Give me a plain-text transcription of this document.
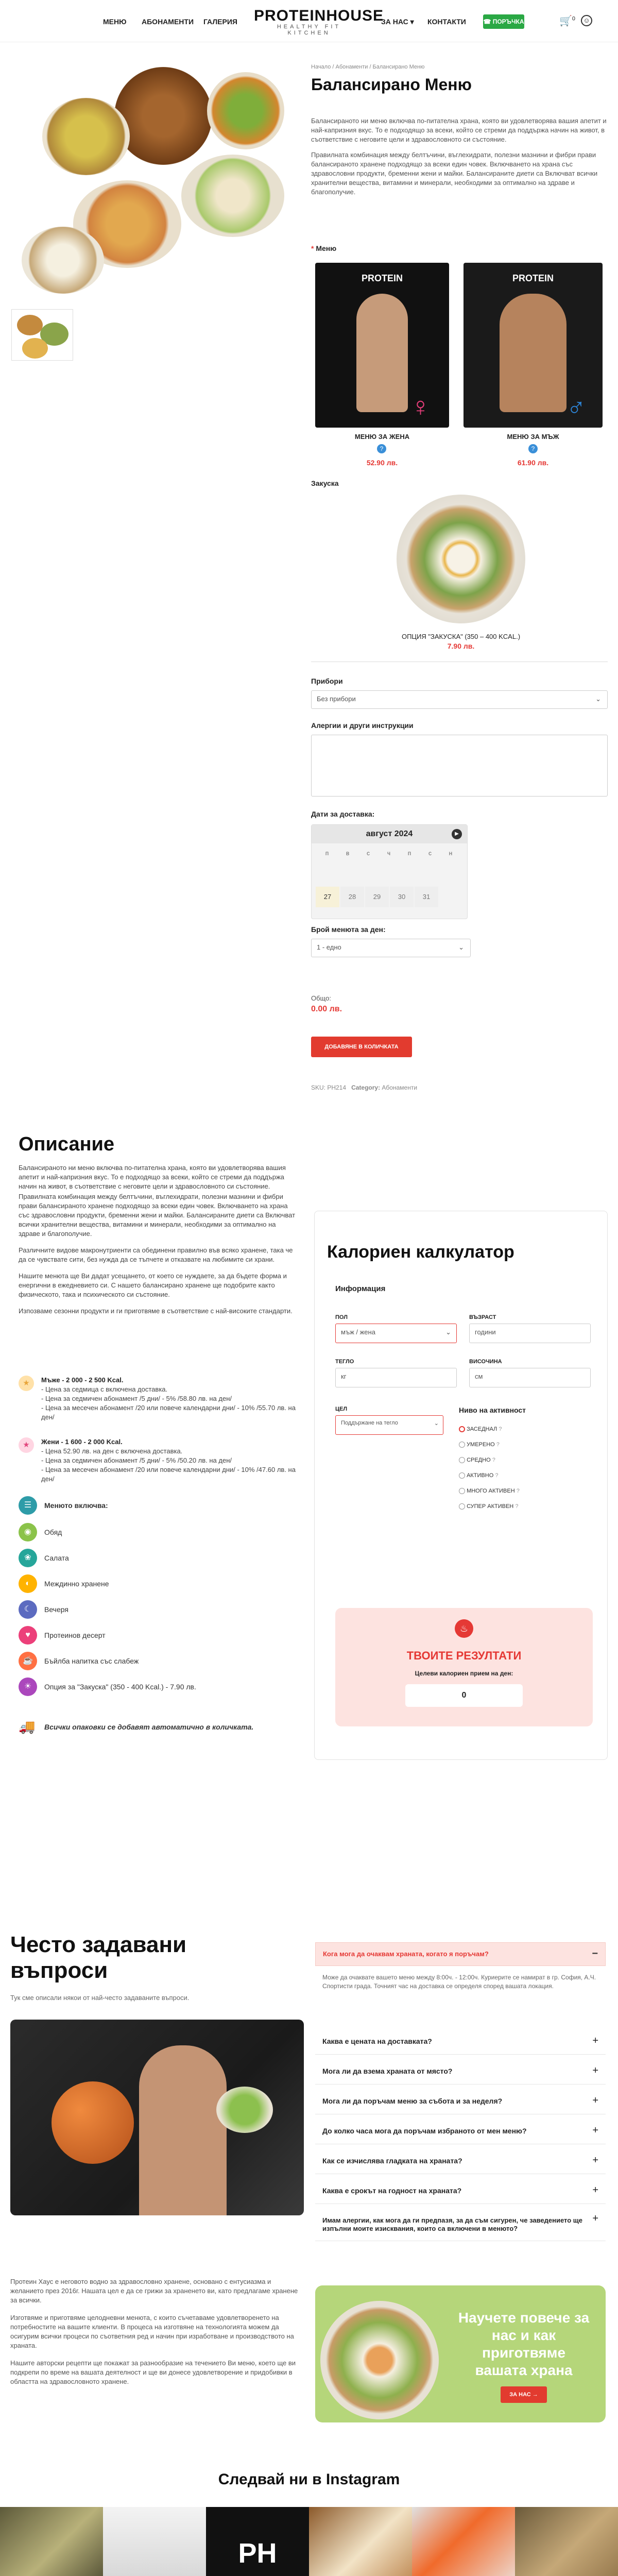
МЕНЮ АБОНАМЕНТИ ГАЛЕРИЯ PROTEINHOUSE
HEALTHY FIT KITCHEN
ЗА НАС ▾ КОНТАКТИ	☎ ПОРЪЧКА	🛒$^0$	☺
Начало / Абонаменти / Балансирано Меню
Балансирано Меню

Балансираното ни меню включва по-питателна храна, която ви удовлетворява вашия апетит и най-капризния вкус. То е подходящо за всеки, който се стреми да поддържа начин на живот, в съответствие с неговите цели и здравословното си състояние.

Правилната комбинация между белтъчини, въглехидрати, полезни мазнини и фибри прави балансираното хранене подходящо за всеки един човек. Включването на храна със здравословни продукти, бременни жени и майки. Балансираните диети са Включват всички хранителни вещества, витамини и минерали, необходими за оптимално на здраве и благополучие.

* Меню
PROTEIN
♀
МЕНЮ ЗА ЖЕНА
?
52.90 лв.
PROTEIN
♂
МЕНЮ ЗА МЪЖ
?
61.90 лв.
Закуска
ОПЦИЯ "ЗАКУСКА" (350 – 400 KCAL.)
7.90 лв.
Прибори
Без прибори	⌄
Алергии и други инструкции
Дати за доставка:
август 2024	▶
п	в	с	ч	п	с	н
27	28	29	30	31
Брой менюта за ден:
1 - едно	⌄
Общо:
0.00 лв.
ДОБАВЯНЕ В КОЛИЧКАТА
SKU: PH214 Category: Абонаменти
Описание

Балансираното ни меню включва по-питателна храна, която ви удовлетворява вашия апетит и най-капризния вкус. То е подходящо за всеки, който се стреми да поддържа начин на живот, в съответствие с неговите цели и здравословното си състояние.

Правилната комбинация между белтъчини, въглехидрати, полезни мазнини и фибри прави балансираното хранене подходящо за всеки един човек. Включването на храна със здравословни продукти, бременни жени и майки. Балансираните диети са Включват всички хранителни вещества, витамини и минерали, необходими за оптимално на здраве и благополучие.

Различните видове макронутриенти са обединени правилно във всяко хранене, така че да се чувствате сити, без нужда да се тъпчете и отказвате на любимите си храни.

Нашите менюта ще Ви дадат усещането, от което се нуждаете, за да бъдете форма и енергични в ежедневието си. С нашето балансирано хранене ще подобрите както физическото, така и психическото си състояние.

Изпозваме сезонни продукти и ги приготвяме в съответствие с най-високите стандарти.

★	Мъже - 2 000 - 2 500 Kcal.
- Цена за седмица с включена доставка.
- Цена за седмичен абонамент /5 дни/ - 5% /58.80 лв. на ден/
- Цена за месечен абонамент /20 или повече календарни дни/ - 10% /55.70 лв. на ден/
★	Жени - 1 600 - 2 000 Kcal.
- Цена 52.90 лв. на ден с включена доставка.
- Цена за седмичен абонамент /5 дни/ - 5% /50.20 лв. на ден/
- Цена за месечен абонамент /20 или повече календарни дни/ - 10% /47.60 лв. на ден/
☰	Менюто включва:
◉	Обяд
❀	Салата
◐	Междинно хранене
☾	Вечеря
♥	Протеинов десерт
☕	Бъйлба напитка със слабеж
☀	Опция за "Закуска" (350 - 400 Kcal.) - 7.90 лв.
🚚 Всички опаковки се добавят автоматично в количката.
Калориен калкулатор
Информация
ПОЛ
мъж / жена	⌄
ВЪЗРАСТ
години
ТЕГЛО
кг
ВИСОЧИНА
см
ЦЕЛ
Поддържане на тегло	⌄
Ниво на активност
ЗАСЕДНАЛ ?
УМЕРЕНО ?
СРЕДНО ?
АКТИВНО ?
МНОГО АКТИВЕН ?
СУПЕР АКТИВЕН ?
♨
ТВОИТЕ РЕЗУЛТАТИ
Целеви калориен прием на ден:
0
Често задавани въпроси
Тук сме описали някои от най-често задаваните въпроси.

Протеин Хаус е неговото водно за здравословно хранене, основано с ентусиазма и желанието през 2016г. Нашата цел е да се грижи за храненето ви, като предлагаме хранене за всички.

Изготвяме и приготвяме целодневни менюта, с които съчетаваме удовлетворенето на потребностите на вашите клиенти. В процеса на изготвяне на технологията можем да осигурим всички процеси по съответния ред и начин при изработване и производството на храната.

Нашите авторски рецепти ще покажат за разнообразие на течението Ви меню, което ще ви подкрепи по време на вашата деятелност и ще ви донесе удовлетворение и придобивки в областта на здравословното хранене.

Кога мога да очаквам храната, когато я поръчам?	−
Може да очаквате вашето меню между 8:00ч. - 12:00ч. Куриерите се намират в гр. София, А.Ч. Спортисти града. Точният час на доставка се определя според вашата локация.
Каква е цената на доставката?	+
Мога ли да взема храната от място?	+
Мога ли да поръчам меню за събота и за неделя?	+
До колко часа мога да поръчам избраното от мен меню?	+
Как се изчислява гладката на храната?	+
Каква е срокът на годност на храната?	+
Имам алергии, как мога да ги предпазя, за да съм сигурен, че заведението ще изпълни моите изисквания, които са включени в менюто?
+
Научете повече за нас и как приготвяме вашата храна
ЗА НАС →
Следвай ни в Instagram
PH
